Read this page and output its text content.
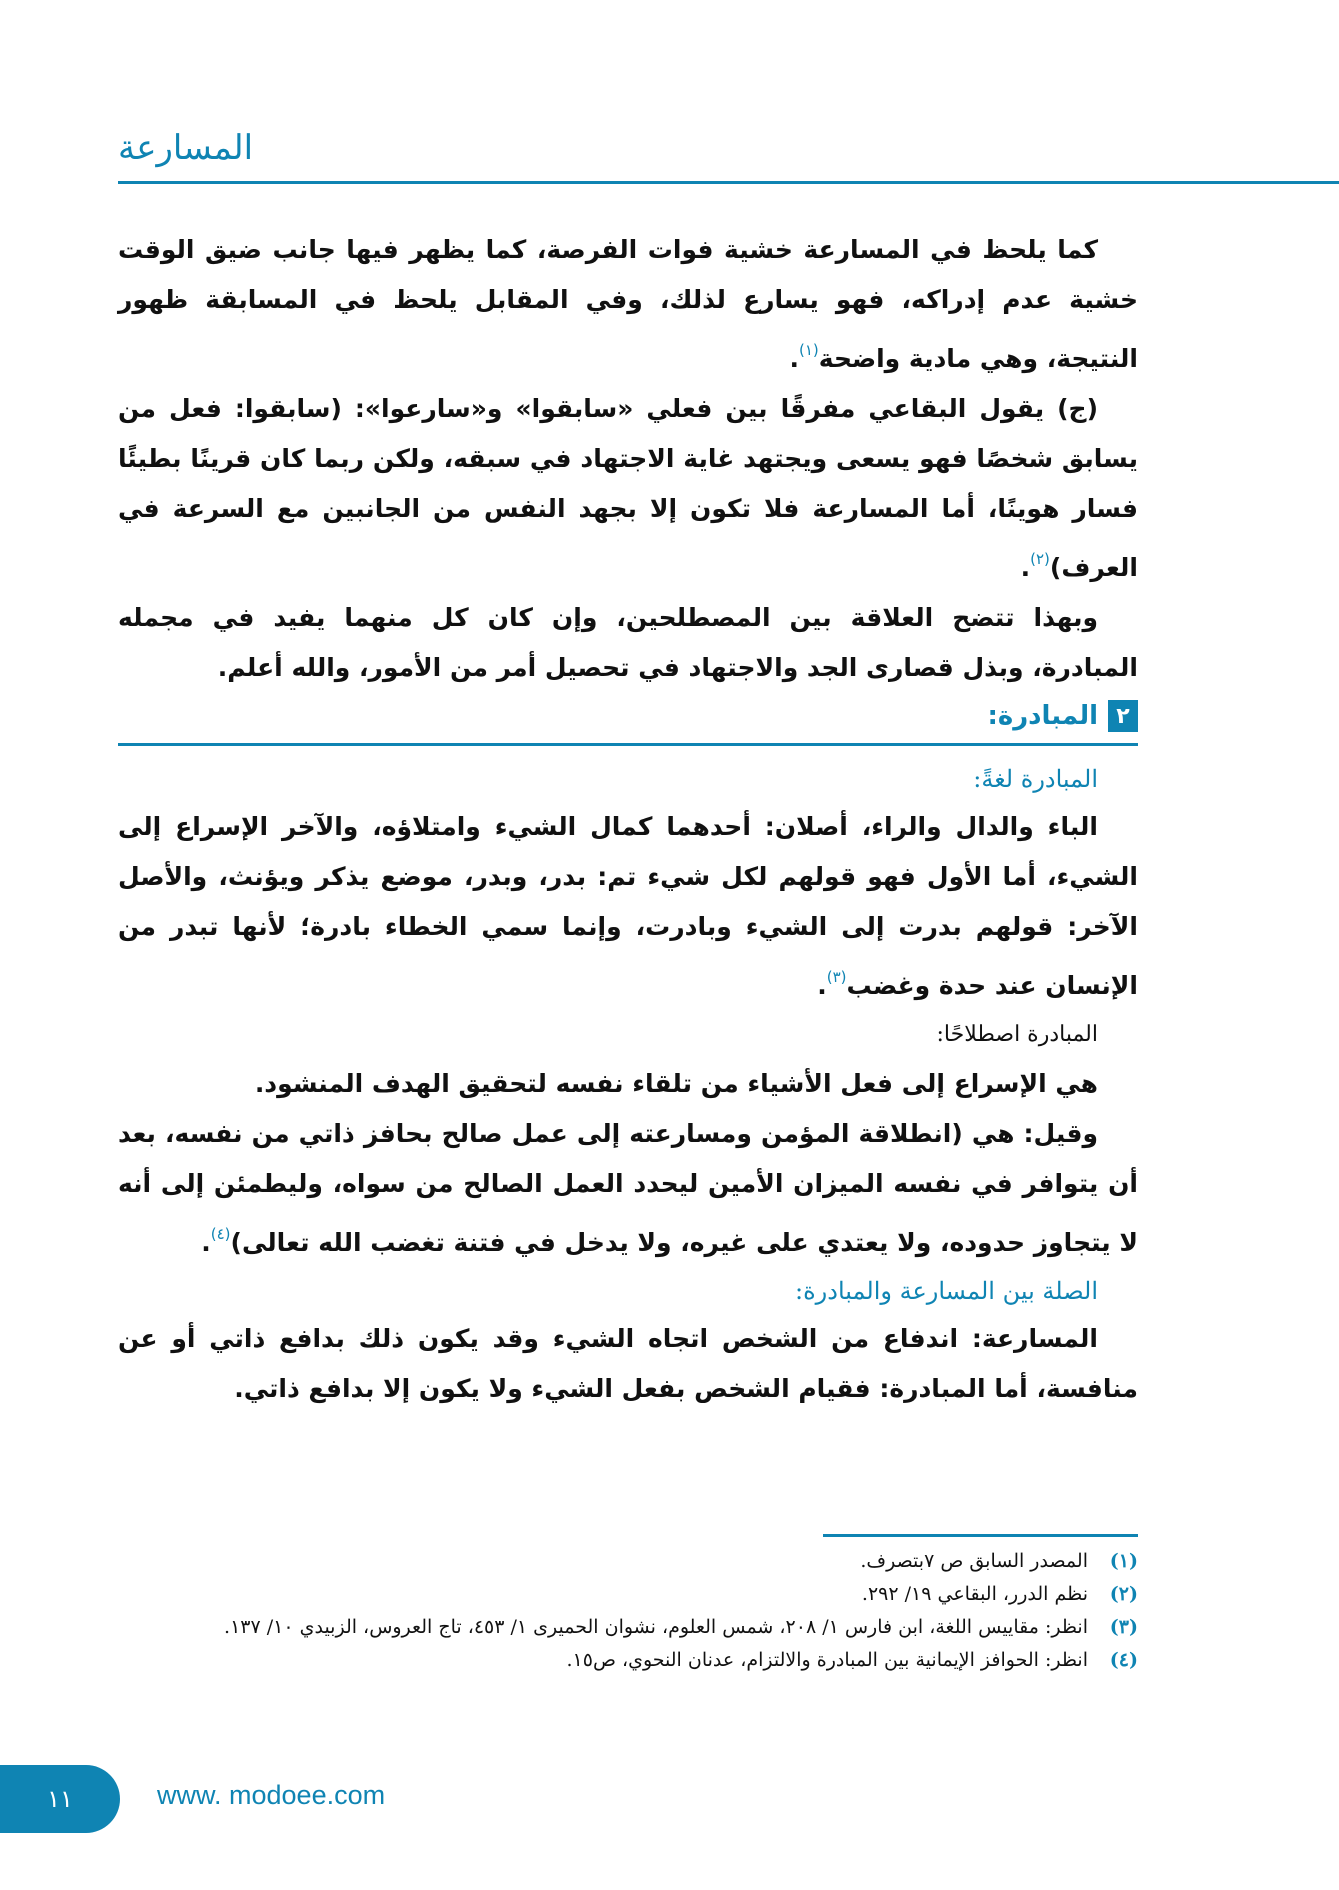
المسارعة

كما يلحظ في المسارعة خشية فوات الفرصة، كما يظهر فيها جانب ضيق الوقت خشية عدم إدراكه، فهو يسارع لذلك، وفي المقابل يلحظ في المسابقة ظهور النتيجة، وهي مادية واضحة$^{(١)}$.

(ج) يقول البقاعي مفرقًا بين فعلي «سابقوا» و«سارعوا»: (سابقوا: فعل من يسابق شخصًا فهو يسعى ويجتهد غاية الاجتهاد في سبقه، ولكن ربما كان قرينًا بطيئًا فسار هوينًا، أما المسارعة فلا تكون إلا بجهد النفس من الجانبين مع السرعة في العرف)$^{(٢)}$.

وبهذا تتضح العلاقة بين المصطلحين، وإن كان كل منهما يفيد في مجمله المبادرة، وبذل قصارى الجد والاجتهاد في تحصيل أمر من الأمور، والله أعلم.

٢
المبادرة:

المبادرة لغةً:

الباء والدال والراء، أصلان: أحدهما كمال الشيء وامتلاؤه، والآخر الإسراع إلى الشيء، أما الأول فهو قولهم لكل شيء تم: بدر، وبدر، موضع يذكر ويؤنث، والأصل الآخر: قولهم بدرت إلى الشيء وبادرت، وإنما سمي الخطاء بادرة؛ لأنها تبدر من الإنسان عند حدة وغضب$^{(٣)}$.

المبادرة اصطلاحًا:

هي الإسراع إلى فعل الأشياء من تلقاء نفسه لتحقيق الهدف المنشود.

وقيل: هي (انطلاقة المؤمن ومسارعته إلى عمل صالح بحافز ذاتي من نفسه، بعد أن يتوافر في نفسه الميزان الأمين ليحدد العمل الصالح من سواه، وليطمئن إلى أنه لا يتجاوز حدوده، ولا يعتدي على غيره، ولا يدخل في فتنة تغضب الله تعالى)$^{(٤)}$.

الصلة بين المسارعة والمبادرة:

المسارعة: اندفاع من الشخص اتجاه الشيء وقد يكون ذلك بدافع ذاتي أو عن منافسة، أما المبادرة: فقيام الشخص بفعل الشيء ولا يكون إلا بدافع ذاتي.

(١)
المصدر السابق ص ٧بتصرف.
(٢)
نظم الدرر، البقاعي ١٩/ ٢٩٢.
(٣)
انظر: مقاييس اللغة، ابن فارس ١/ ٢٠٨، شمس العلوم، نشوان الحميرى ١/ ٤٥٣، تاج العروس، الزبيدي ١٠/ ١٣٧.
(٤)
انظر: الحوافز الإيمانية بين المبادرة والالتزام، عدنان النحوي، ص١٥.
١١	www. modoee.com
